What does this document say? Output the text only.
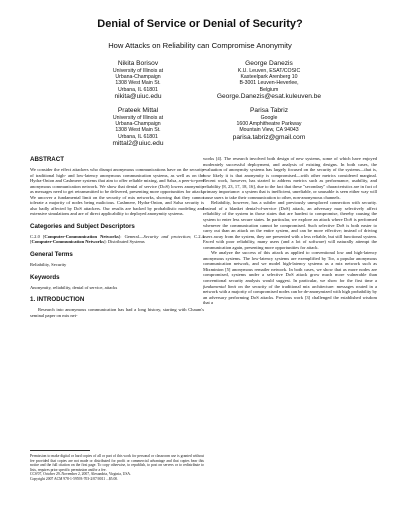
Denial of Service or Denial of Security?
How Attacks on Reliability can Compromise Anonymity
Nikita Borisov
University of Illinois at
Urbana-Champaign
1308 West Main St.
Urbana, IL 61801
nikita@uiuc.edu
George Danezis
K.U. Leuven, ESAT/COSIC
Kasteelpark Arenberg 10
B-3001 Leuven-Heverlee,
Belgium
George.Danezis@esat.kuleuven.be
Prateek Mittal
University of Illinois at
Urbana-Champaign
1308 West Main St.
Urbana, IL 61801
mittal2@uiuc.edu
Parisa Tabriz
Google
1600 Amphitheatre Parkway
Mountain View, CA 94043
parisa.tabriz@gmail.com
ABSTRACT

We consider the effect attackers who disrupt anonymous communications have on the security of traditional high- and low-latency anonymous communication systems, as well as on the Hydra-Onion and Cashmere systems that aim to offer reliable mixing, and Salsa, a peer-to-peer anonymous communication network. We show that denial of service (DoS) lowers anonymity as messages need to get retransmitted to be delivered, presenting more opportunities for attack. We uncover a fundamental limit on the security of mix networks, showing that they cannot tolerate a majority of nodes being malicious. Cashmere, Hydra-Onion, and Salsa security is also badly affected by DoS attackers. Our results are backed by probabilistic modeling and extensive simulations and are of direct applicability to deployed anonymity systems.

Categories and Subject Descriptors

C.2.0 [Computer-Communication Networks]: General—Security and protection; C.2.4 [Computer-Communication Networks]: Distributed Systems

General Terms

Reliability, Security

Keywords

Anonymity, reliability, denial of service, attacks

1. INTRODUCTION

Research into anonymous communication has had a long history, starting with Chaum's seminal paper on mix net-

Permission to make digital or hard copies of all or part of this work for personal or classroom use is granted without fee provided that copies are not made or distributed for profit or commercial advantage and that copies bear this notice and the full citation on the first page. To copy otherwise, to republish, to post on servers or to redistribute to lists, requires prior specific permission and/or a fee.

CCS'07, October 29–November 2, 2007, Alexandria, Virginia, USA.
Copyright 2007 ACM 978-1-59593-703-2/07/0011 ...$5.00.

works [4]. The research involved both design of new systems, some of which have enjoyed moderately successful deployment, and analysis of existing designs. In both cases, the evaluation of anonymity systems has largely focused on the security of the systems—that is, how likely it is that anonymity is compromised—with other metrics considered marginal. Recent work, however, has started to address metrics such as performance, usability, and reliability [8, 23, 17, 18, 16], due to the fact that these "secondary" characteristics are in fact of primary importance: a system that is inefficient, unreliable, or unusable is seen either way will cause users to take their communication to other, non-anonymous channels.

Reliability, however, has a subtler and previously unexplored connection with security. Instead of a blanket denial-of-service (DoS) attack, an adversary may selectively affect reliability of the system in those states that are hardest to compromise, thereby causing the system to enter less secure states. In particular, we explore an attack where DoS is performed whenever the communication cannot be compromised. Such selective DoS is both easier to carry out than an attack on the entire system, and can be more effective; instead of driving users away from the system, they are presented with a less reliable, but still functional system. Faced with poor reliability, many users (and a lot of software) will naturally attempt the communication again, presenting more opportunities for attack.

We analyze the success of this attack as applied to conventional low and high-latency anonymous systems. The low-latency systems are exemplified by Tor, a popular anonymous communication network, and we model high-latency systems as a mix network such as Mixminion [5] anonymous remailer network. In both cases, we show that as more nodes are compromised, systems under a selective DoS attack grow much more vulnerable than conventional security analysis would suggest. In particular, we show for the first time a fundamental limit on the security of the traditional mix architecture: messages routed in a network with a majority of compromised nodes can be de-anonymized with high probability by an adversary performing DoS attacks. Previous work [3] challenged the established wisdom that a
